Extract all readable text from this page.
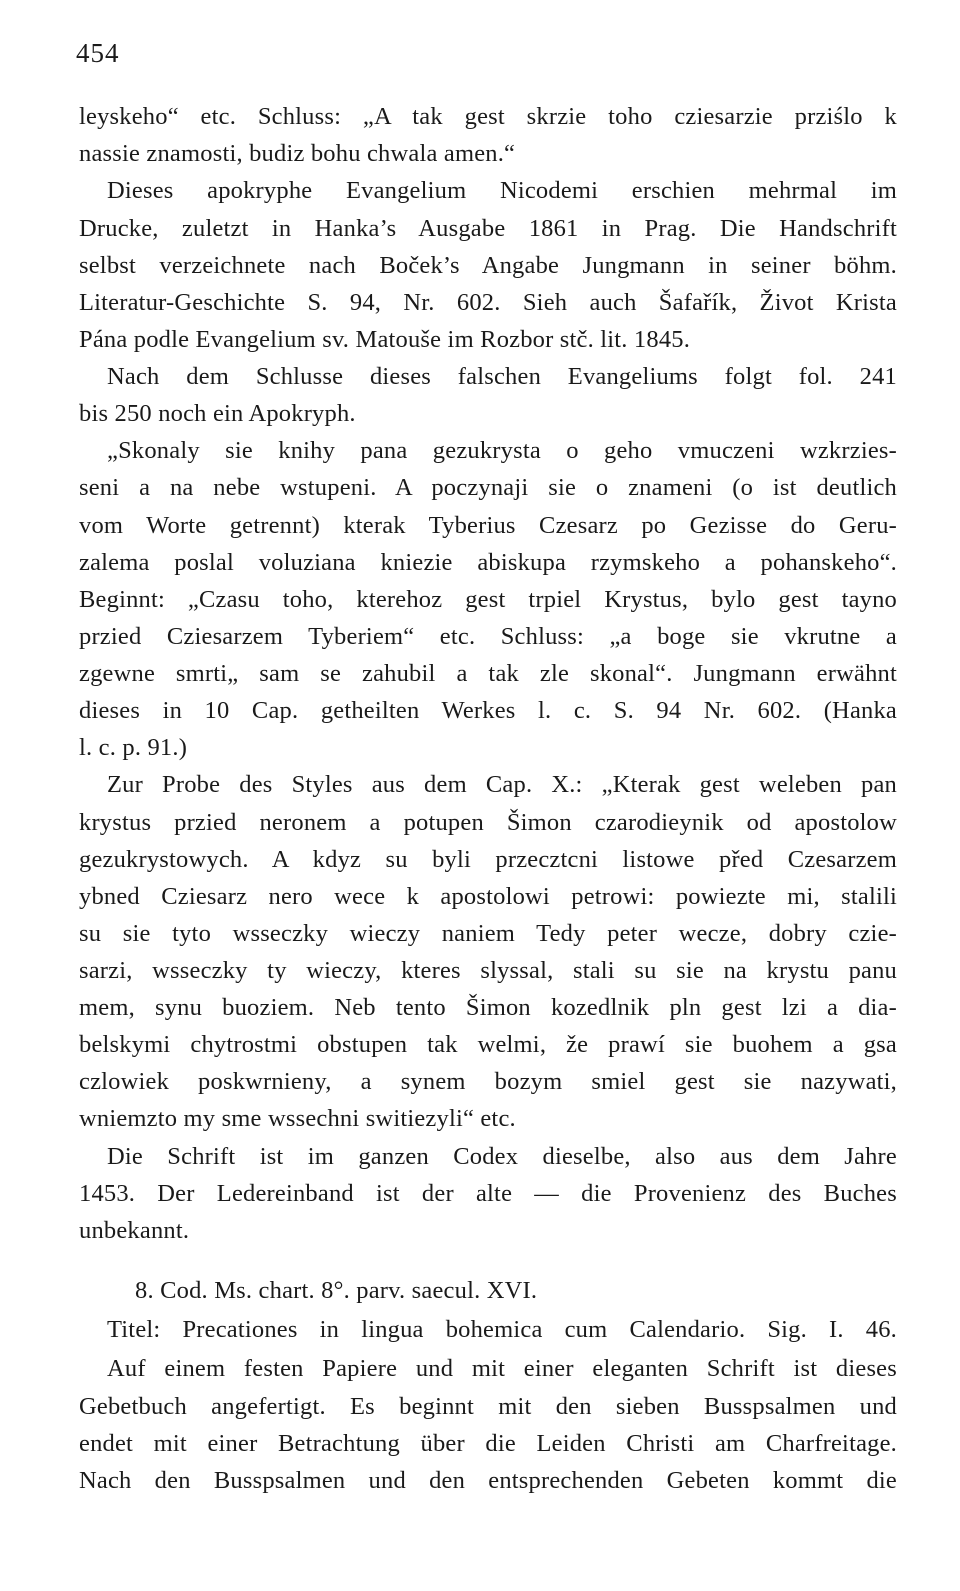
454
leyskeho“ etc. Schluss: „A tak gest skrzie toho cziesarzie prziślo k
nassie znamosti, budiz bohu chwala amen.“
Dieses apokryphe Evangelium Nicodemi erschien mehrmal im
Drucke, zuletzt in Hanka’s Ausgabe 1861 in Prag. Die Handschrift
selbst verzeichnete nach Boček’s Angabe Jungmann in seiner böhm.
Literatur-Geschichte S. 94, Nr. 602. Sieh auch Šafařík, Život Krista
Pána podle Evangelium sv. Matouše im Rozbor stč. lit. 1845.
Nach dem Schlusse dieses falschen Evangeliums folgt fol. 241
bis 250 noch ein Apokryph.
„Skonaly sie knihy pana gezukrysta o geho vmuczeni wzkrzies-
seni a na nebe wstupeni. A poczynaji sie o znameni (o ist deutlich
vom Worte getrennt) kterak Tyberius Czesarz po Gezisse do Geru-
zalema poslal voluziana kniezie abiskupa rzymskeho a pohanskeho“.
Beginnt: „Czasu toho, kterehoz gest trpiel Krystus, bylo gest tayno
przied Cziesarzem Tyberiem“ etc. Schluss: „a boge sie vkrutne a
zgewne smrti„ sam se zahubil a tak zle skonal“. Jungmann erwähnt
dieses in 10 Cap. getheilten Werkes l. c. S. 94 Nr. 602. (Hanka
l. c. p. 91.)
Zur Probe des Styles aus dem Cap. X.: „Kterak gest weleben pan
krystus przied neronem a potupen Šimon czarodieynik od apostolow
gezukrystowych. A kdyz su byli przecztcni listowe před Czesarzem
ybned Cziesarz nero wece k apostolowi petrowi: powiezte mi, stalili
su sie tyto wsseczky wieczy naniem Tedy peter wecze, dobry czie-
sarzi, wsseczky ty wieczy, kteres slyssal, stali su sie na krystu panu
mem, synu buoziem. Neb tento Šimon kozedlnik pln gest lzi a dia-
belskymi chytrostmi obstupen tak welmi, že prawí sie buohem a gsa
czlowiek poskwrnieny, a synem bozym smiel gest sie nazywati,
wniemzto my sme wssechni switiezyli“ etc.
Die Schrift ist im ganzen Codex dieselbe, also aus dem Jahre
1453. Der Ledereinband ist der alte — die Provenienz des Buches
unbekannt.
8. Cod. Ms. chart. 8°. parv. saecul. XVI.
Titel: Precationes in lingua bohemica cum Calendario. Sig. I. 46.
Auf einem festen Papiere und mit einer eleganten Schrift ist dieses
Gebetbuch angefertigt. Es beginnt mit den sieben Busspsalmen und
endet mit einer Betrachtung über die Leiden Christi am Charfreitage.
Nach den Busspsalmen und den entsprechenden Gebeten kommt die
